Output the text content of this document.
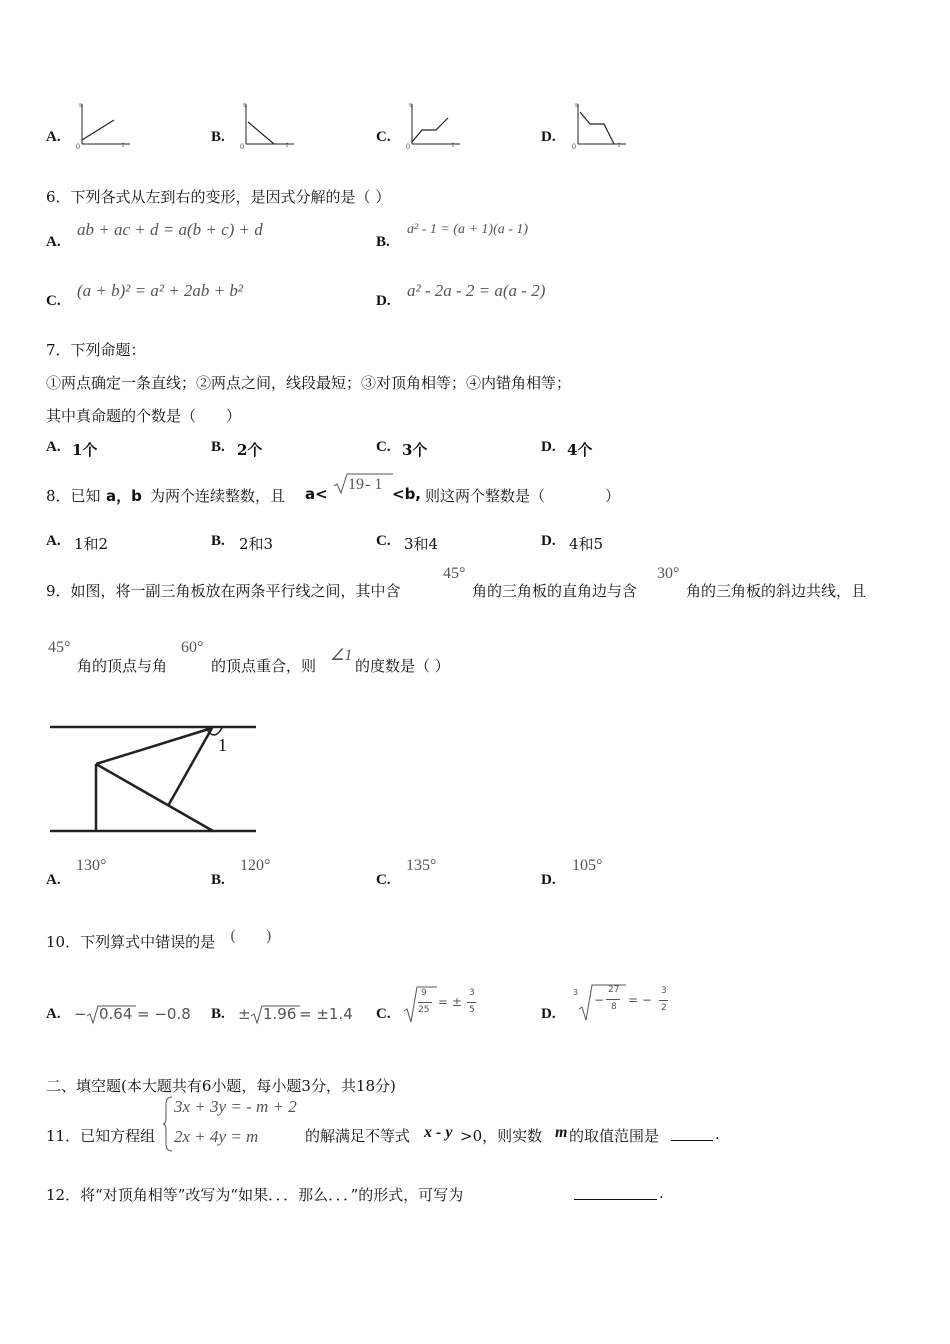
A.
s
0	t	B.
s
0	t	C.
s
0	t	D.
s
0	t
6．下列各式从左到右的变形，是因式分解的是（ ）
A.
ab + ac + d = a(b + c) + d
B.
a² - 1 = (a + 1)(a - 1)
C.
(a + b)² = a² + 2ab + b²
D.
a² - 2a - 2 = a(a - 2)
7．下列命题：
①两点确定一条直线；②两点之间，线段最短；③对顶角相等；④内错角相等；
其中真命题的个数是（　　）
A. 1个	B. 2个	C. 3个	D. 4个
8．已知 a，b 为两个连续整数，且 a<
19 - 1
<b, 则这两个整数是（　　　　）
A. 1和2	B. 2和3	C. 3和4	D. 4和5
9．如图，将一副三角板放在两条平行线之间，其中含
45°
角的三角板的直角边与含
30°
角的三角板的斜边共线，且
45°
角的顶点与角
60°
的顶点重合，则
∠1
的度数是（ ）
1
A.
130°
B.
120°
C.
135°
D.
105°
10．下列算式中错误的是 (　　)
A. − 0.64 = −0.8 B. ± 1.96 = ±1.4 C.
9
25
= ±
3
5	D.
3
−
27
8 = −
3
2
二、填空题(本大题共有6小题，每小题3分，共18分)
11．已知方程组
3x + 3y = - m + 2
2x + 4y = m	的解满足不等式 x - y >0，则实数 m 的取值范围是	.
12．将“对顶角相等”改写为“如果．．．那么．．．”的形式，可写为	.
